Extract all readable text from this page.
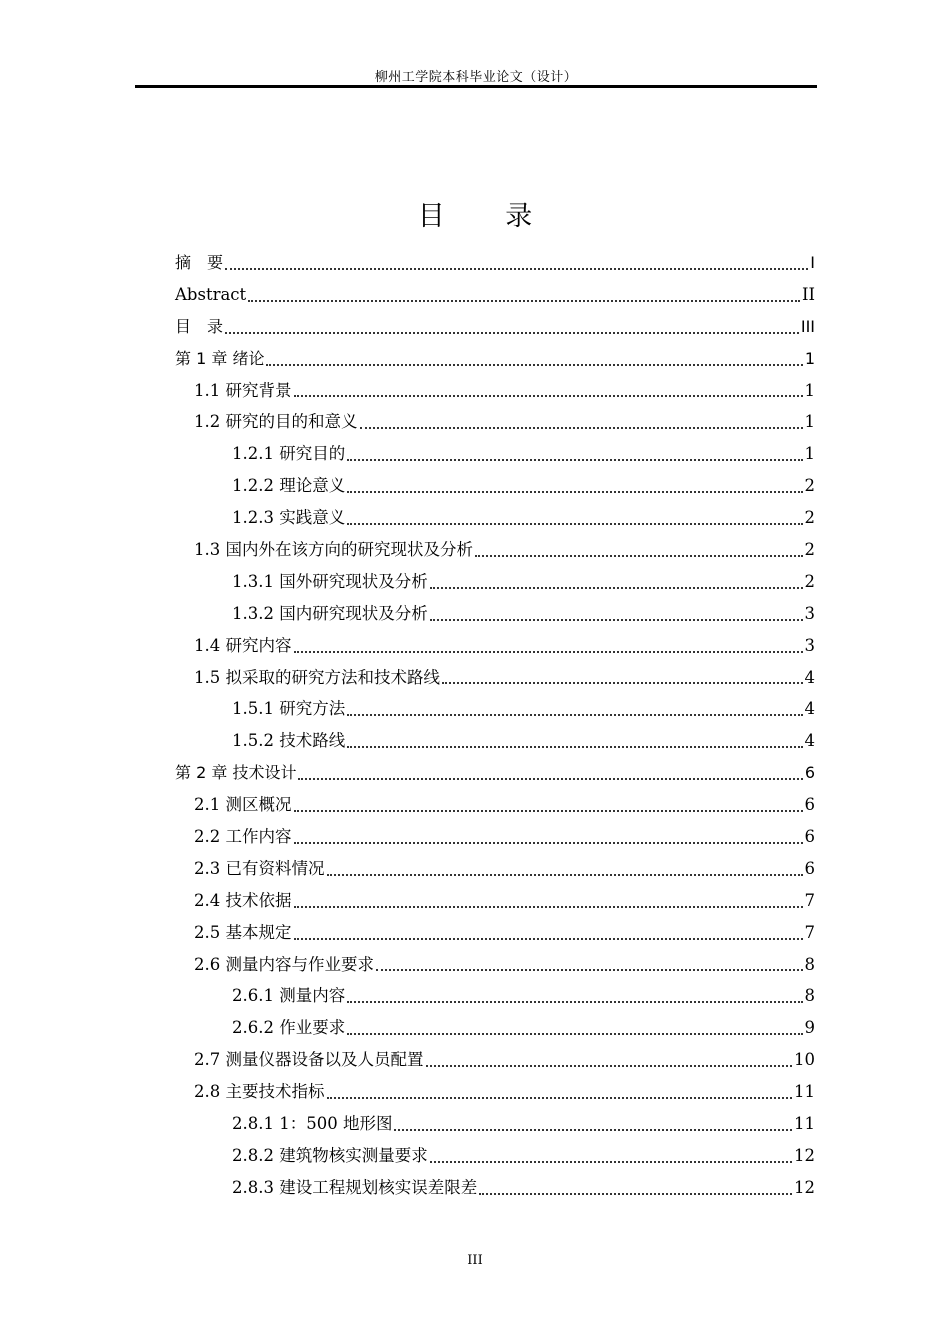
柳州工学院本科毕业论文（设计）
目 录
摘　要	I
Abstract	II
目　录	III
第 1 章 绪论	1
1.1 研究背景	1
1.2 研究的目的和意义	1
1.2.1 研究目的	1
1.2.2 理论意义	2
1.2.3 实践意义	2
1.3 国内外在该方向的研究现状及分析	2
1.3.1 国外研究现状及分析	2
1.3.2 国内研究现状及分析	3
1.4 研究内容	3
1.5 拟采取的研究方法和技术路线	4
1.5.1 研究方法	4
1.5.2 技术路线	4
第 2 章 技术设计	6
2.1 测区概况	6
2.2 工作内容	6
2.3 已有资料情况	6
2.4 技术依据	7
2.5 基本规定	7
2.6 测量内容与作业要求	8
2.6.1 测量内容	8
2.6.2 作业要求	9
2.7 测量仪器设备以及人员配置	10
2.8 主要技术指标	11
2.8.1 1：500 地形图	11
2.8.2 建筑物核实测量要求	12
2.8.3 建设工程规划核实误差限差	12
III
